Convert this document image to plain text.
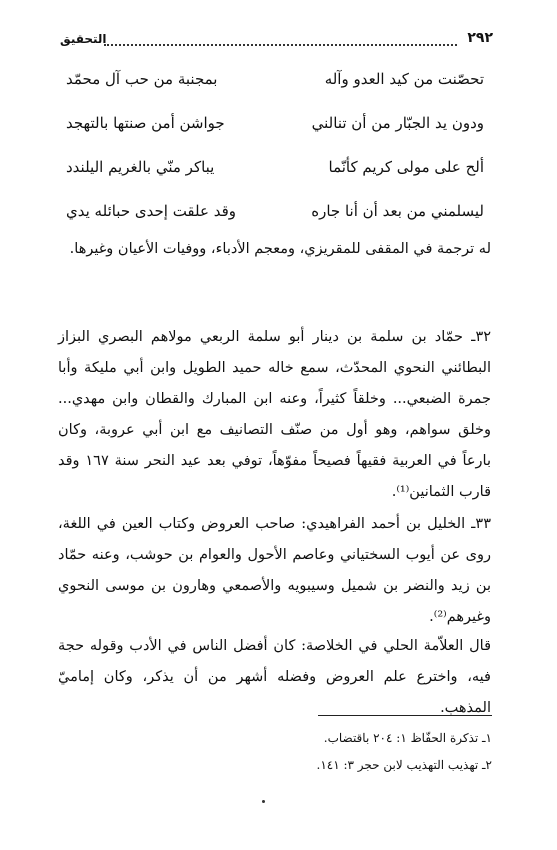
٢٩٢
التحقيق
تحصّنت من كيد العدو وآله
بمجنبة من حب آل محمّد
ودون يد الجبّار من أن تنالني
جواشن أمن صنتها بالتهجد
ألح على مولى كريم كأنّما
يباكر منّي بالغريم اليلندد
ليسلمني من بعد أن أنا جاره
وقد علقت إحدى حبائله يدي

له ترجمة في المقفى للمقريزي، ومعجم الأدباء، ووفيات الأعيان وغيرها.

٣٢ـ حمّاد بن سلمة بن دينار أبو سلمة الربعي مولاهم البصري البزاز البطائني النحوي المحدّث، سمع خاله حميد الطويل وابن أبي مليكة وأبا جمرة الضبعي... وخلقاً كثيراً، وعنه ابن المبارك والقطان وابن مهدي... وخلق سواهم، وهو أول من صنّف التصانيف مع ابن أبي عروبة، وكان بارعاً في العربية فقيهاً فصيحاً مفوّهاً، توفي بعد عيد النحر سنة ١٦٧ وقد قارب الثمانين⁽¹⁾.

٣٣ـ الخليل بن أحمد الفراهيدي: صاحب العروض وكتاب العين في اللغة، روى عن أيوب السختياني وعاصم الأحول والعوام بن حوشب، وعنه حمّاد بن زيد والنضر بن شميل وسيبويه والأصمعي وهارون بن موسى النحوي وغيرهم⁽²⁾.

قال العلاّمة الحلي في الخلاصة: كان أفضل الناس في الأدب وقوله حجة فيه، واخترع علم العروض وفضله أشهر من أن يذكر، وكان إماميّ المذهب.

١ـ تذكرة الحفّاظ ١: ٢٠٤ باقتضاب.
٢ـ تهذيب التهذيب لابن حجر ٣: ١٤١.
